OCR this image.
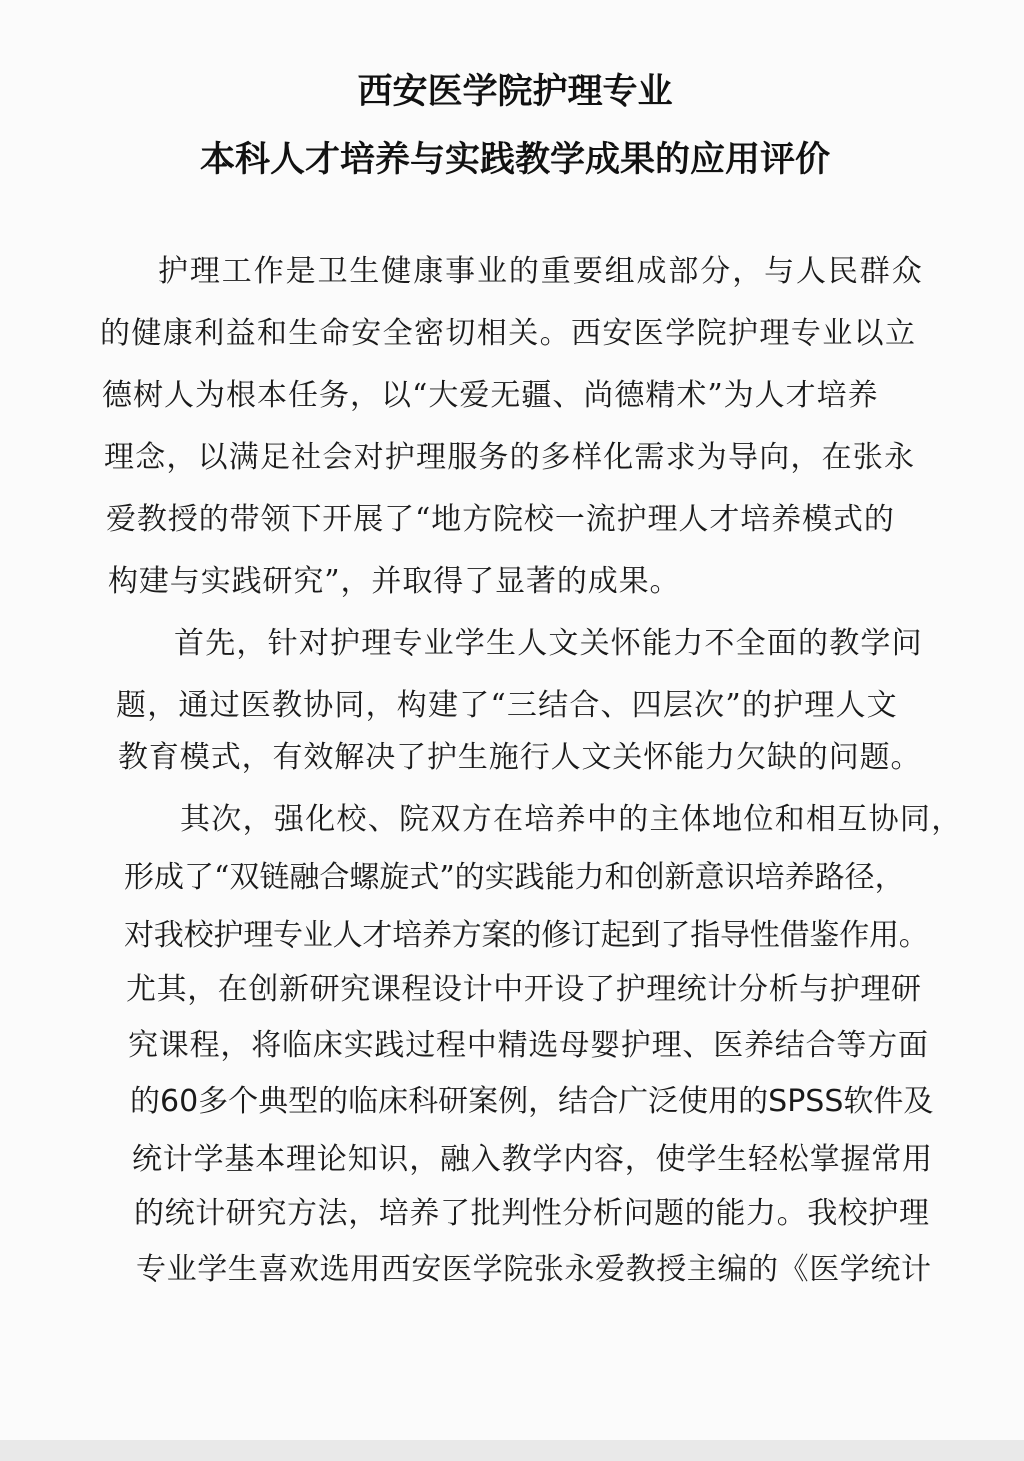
西安医学院护理专业
本科人才培养与实践教学成果的应用评价
护理工作是卫生健康事业的重要组成部分，与人民群众
的健康利益和生命安全密切相关。西安医学院护理专业以立
德树人为根本任务，以“大爱无疆、尚德精术”为人才培养
理念，以满足社会对护理服务的多样化需求为导向，在张永
爱教授的带领下开展了“地方院校一流护理人才培养模式的
构建与实践研究”，并取得了显著的成果。
首先，针对护理专业学生人文关怀能力不全面的教学问
题，通过医教协同，构建了“三结合、四层次”的护理人文
教育模式，有效解决了护生施行人文关怀能力欠缺的问题。
其次，强化校、院双方在培养中的主体地位和相互协同，
形成了“双链融合螺旋式”的实践能力和创新意识培养路径，
对我校护理专业人才培养方案的修订起到了指导性借鉴作用。
尤其，在创新研究课程设计中开设了护理统计分析与护理研
究课程，将临床实践过程中精选母婴护理、医养结合等方面
的60多个典型的临床科研案例，结合广泛使用的SPSS软件及
统计学基本理论知识，融入教学内容，使学生轻松掌握常用
的统计研究方法，培养了批判性分析问题的能力。我校护理
专业学生喜欢选用西安医学院张永爱教授主编的《医学统计
